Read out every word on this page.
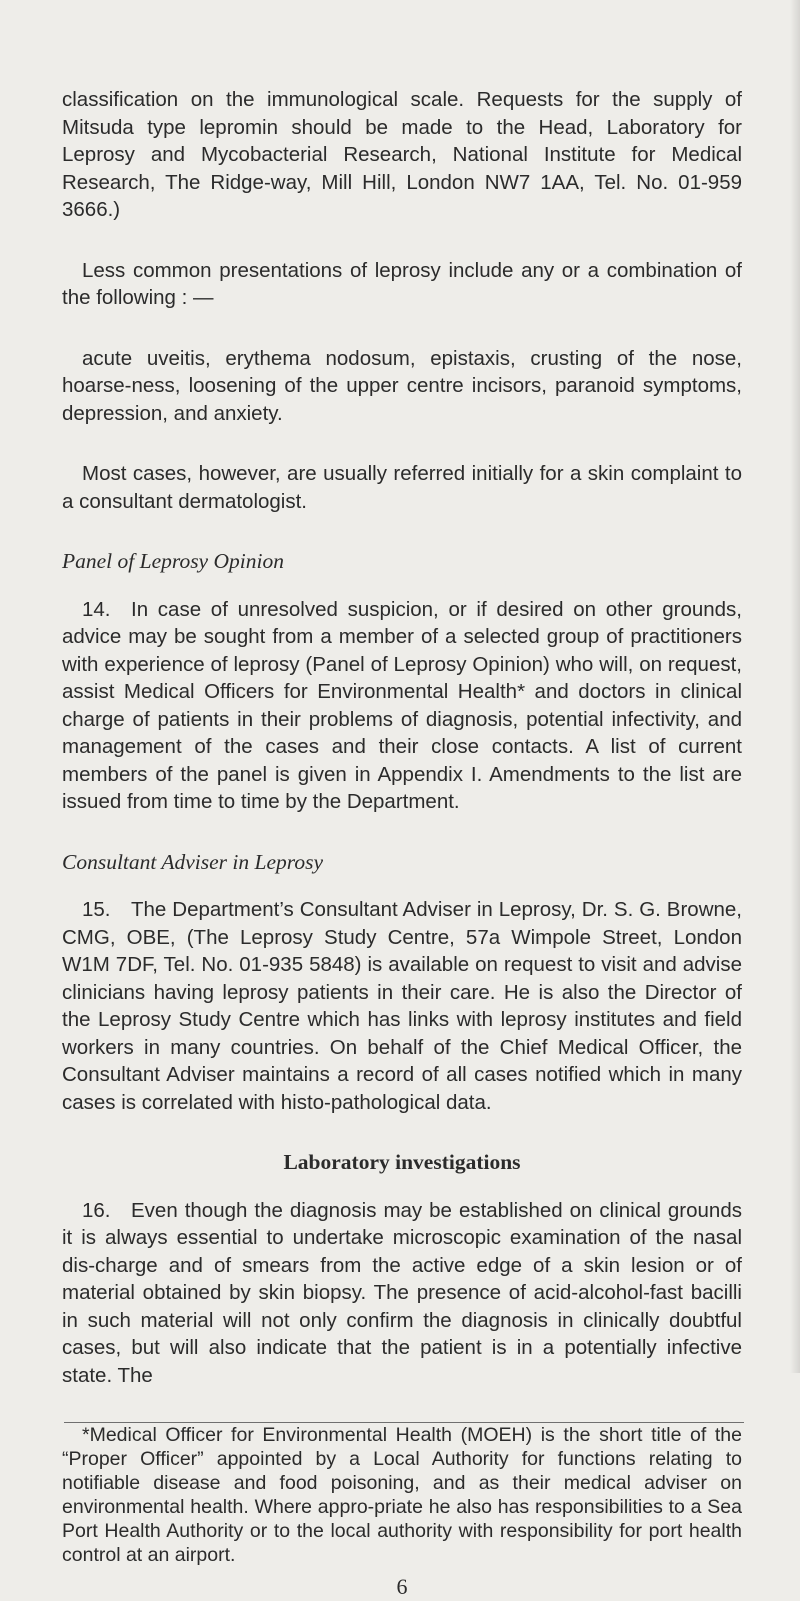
classification on the immunological scale. Requests for the supply of Mitsuda type lepromin should be made to the Head, Laboratory for Leprosy and Mycobacterial Research, National Institute for Medical Research, The Ridge-way, Mill Hill, London NW7 1AA, Tel. No. 01-959 3666.)

Less common presentations of leprosy include any or a combination of the following : —

acute uveitis, erythema nodosum, epistaxis, crusting of the nose, hoarse-ness, loosening of the upper centre incisors, paranoid symptoms, depression, and anxiety.

Most cases, however, are usually referred initially for a skin complaint to a consultant dermatologist.

Panel of Leprosy Opinion

14. In case of unresolved suspicion, or if desired on other grounds, advice may be sought from a member of a selected group of practitioners with experience of leprosy (Panel of Leprosy Opinion) who will, on request, assist Medical Officers for Environmental Health* and doctors in clinical charge of patients in their problems of diagnosis, potential infectivity, and management of the cases and their close contacts. A list of current members of the panel is given in Appendix I. Amendments to the list are issued from time to time by the Department.

Consultant Adviser in Leprosy

15. The Department’s Consultant Adviser in Leprosy, Dr. S. G. Browne, CMG, OBE, (The Leprosy Study Centre, 57a Wimpole Street, London W1M 7DF, Tel. No. 01-935 5848) is available on request to visit and advise clinicians having leprosy patients in their care. He is also the Director of the Leprosy Study Centre which has links with leprosy institutes and field workers in many countries. On behalf of the Chief Medical Officer, the Consultant Adviser maintains a record of all cases notified which in many cases is correlated with histo-pathological data.

Laboratory investigations

16. Even though the diagnosis may be established on clinical grounds it is always essential to undertake microscopic examination of the nasal dis-charge and of smears from the active edge of a skin lesion or of material obtained by skin biopsy. The presence of acid-alcohol-fast bacilli in such material will not only confirm the diagnosis in clinically doubtful cases, but will also indicate that the patient is in a potentially infective state. The

*Medical Officer for Environmental Health (MOEH) is the short title of the “Proper Officer” appointed by a Local Authority for functions relating to notifiable disease and food poisoning, and as their medical adviser on environmental health. Where appro-priate he also has responsibilities to a Sea Port Health Authority or to the local authority with responsibility for port health control at an airport.

6
